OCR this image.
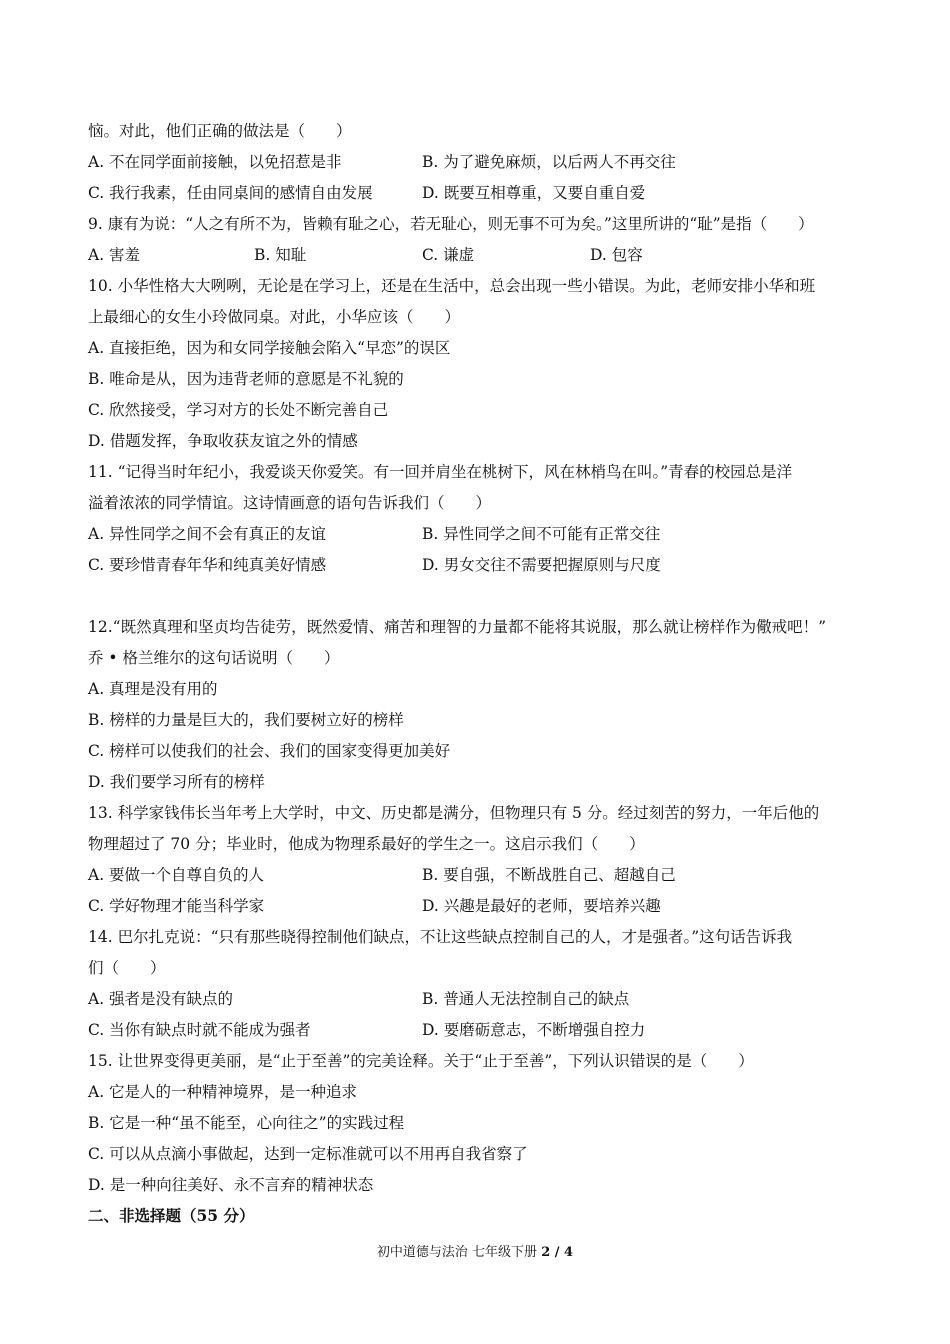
恼。对此，他们正确的做法是（　　）
A. 不在同学面前接触，以免招惹是非
C. 我行我素，任由同桌间的感情自由发展
9. 康有为说：“人之有所不为，皆赖有耻之心，若无耻心，则无事不可为矣。”这里所讲的“耻”是指（　　）
A. 害羞
10. 小华性格大大咧咧，无论是在学习上，还是在生活中，总会出现一些小错误。为此，老师安排小华和班
上最细心的女生小玲做同桌。对此，小华应该（　　）
A. 直接拒绝，因为和女同学接触会陷入“早恋”的误区
B. 唯命是从，因为违背老师的意愿是不礼貌的
C. 欣然接受，学习对方的长处不断完善自己
D. 借题发挥，争取收获友谊之外的情感
11. “记得当时年纪小，我爱谈天你爱笑。有一回并肩坐在桃树下，风在林梢鸟在叫。”青春的校园总是洋
溢着浓浓的同学情谊。这诗情画意的语句告诉我们（　　）
A. 异性同学之间不会有真正的友谊
C. 要珍惜青春年华和纯真美好情感
12.“既然真理和坚贞均告徒劳，既然爱情、痛苦和理智的力量都不能将其说服，那么就让榜样作为儆戒吧！”
乔 • 格兰维尔的这句话说明（　　）
A. 真理是没有用的
B. 榜样的力量是巨大的，我们要树立好的榜样
C. 榜样可以使我们的社会、我们的国家变得更加美好
D. 我们要学习所有的榜样
13. 科学家钱伟长当年考上大学时，中文、历史都是满分，但物理只有 5 分。经过刻苦的努力，一年后他的
物理超过了 70 分；毕业时，他成为物理系最好的学生之一。这启示我们（　　）
A. 要做一个自尊自负的人
C. 学好物理才能当科学家
14. 巴尔扎克说：“只有那些晓得控制他们缺点，不让这些缺点控制自己的人，才是强者。”这句话告诉我
们（　　）
A. 强者是没有缺点的
C. 当你有缺点时就不能成为强者
15. 让世界变得更美丽，是“止于至善”的完美诠释。关于“止于至善”，下列认识错误的是（　　）
A. 它是人的一种精神境界，是一种追求
B. 它是一种“虽不能至，心向往之”的实践过程
C. 可以从点滴小事做起，达到一定标准就可以不用再自我省察了
D. 是一种向往美好、永不言弃的精神状态
B. 为了避免麻烦，以后两人不再交往
D. 既要互相尊重，又要自重自爱
B. 知耻	C. 谦虚	D. 包容
B. 异性同学之间不可能有正常交往
D. 男女交往不需要把握原则与尺度
B. 要自强，不断战胜自己、超越自己
D. 兴趣是最好的老师，要培养兴趣
B. 普通人无法控制自己的缺点
D. 要磨砺意志，不断增强自控力
二、非选择题（55 分）
初中道德与法治 七年级下册 2 / 4
